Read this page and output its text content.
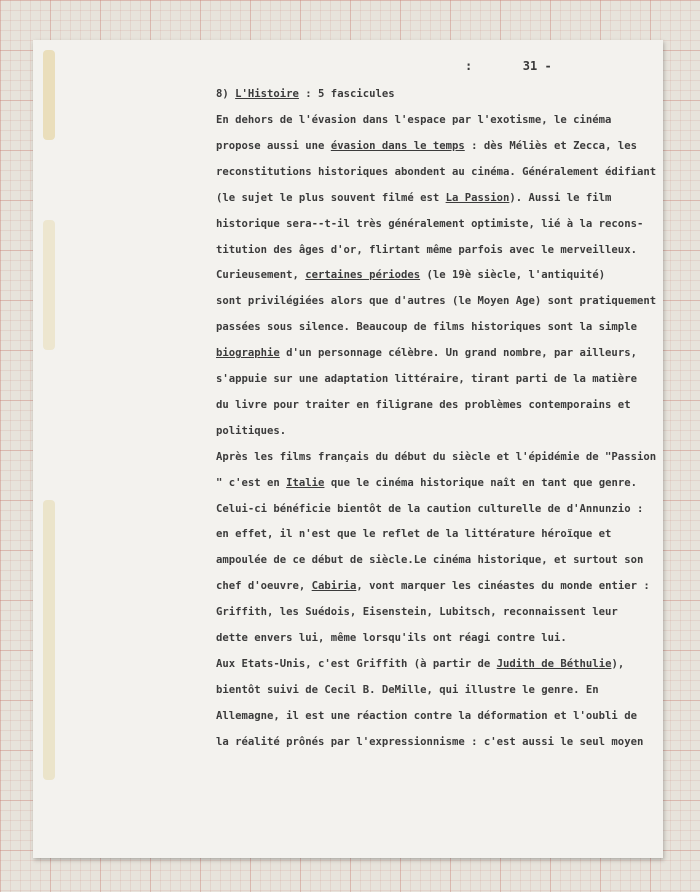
:       31 -
8) L'Histoire : 5 fascicules
En dehors de l'évasion dans l'espace par l'exotisme, le cinéma
propose aussi une évasion dans le temps : dès Méliès et Zecca, les
reconstitutions historiques abondent au cinéma. Généralement édifiant
(le sujet le plus souvent filmé est La Passion). Aussi le film
historique sera--t-il très généralement optimiste, lié à la recons-
titution des âges d'or, flirtant même parfois avec le merveilleux.
Curieusement, certaines périodes (le 19è siècle, l'antiquité)
sont privilégiées alors que d'autres (le Moyen Age) sont pratiquement
passées sous silence. Beaucoup de films historiques sont la simple
biographie d'un personnage célèbre. Un grand nombre, par ailleurs,
s'appuie sur une adaptation littéraire, tirant parti de la matière
du livre pour traiter en filigrane des problèmes contemporains et
politiques.
Après les films français du début du siècle et l'épidémie de "Passion
" c'est en Italie que le cinéma historique naît en tant que genre.
Celui-ci bénéficie bientôt de la caution culturelle de d'Annunzio :
en effet, il n'est que le reflet de la littérature héroïque et
ampoulée de ce début de siècle.Le cinéma historique, et surtout son
chef d'oeuvre, Cabiria, vont marquer les cinéastes du monde entier :
Griffith, les Suédois, Eisenstein, Lubitsch, reconnaissent leur
dette envers lui, même lorsqu'ils ont réagi contre lui.
Aux Etats-Unis, c'est Griffith (à partir de Judith de Béthulie),
bientôt suivi de Cecil B. DeMille, qui illustre le genre. En
Allemagne, il est une réaction contre la déformation et l'oubli de
la réalité prônés par l'expressionnisme : c'est aussi le seul moyen
